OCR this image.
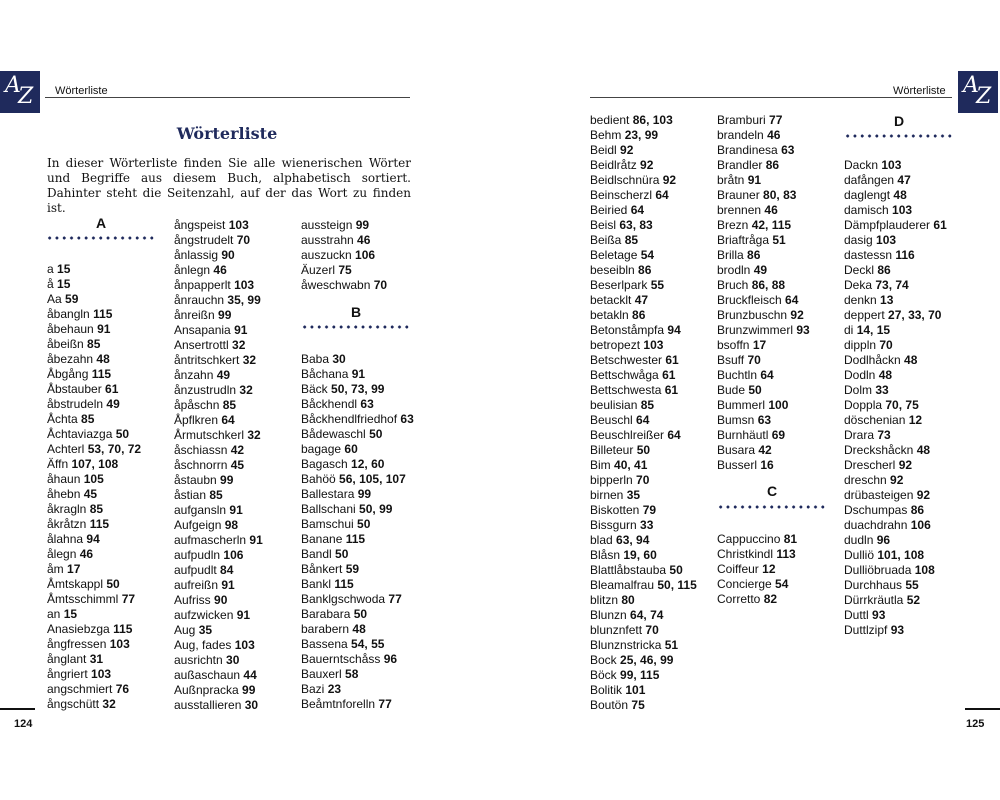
A
Z Wörterliste
Wörterliste
In dieser Wörterliste finden Sie alle wienerischen Wörter und Begriffe aus diesem Buch, alphabetisch sortiert. Dahinter steht die Seitenzahl, auf der das Wort zu finden ist.
A
a 15
å 15
Aa 59
åbangln 115
åbehaun 91
åbeißn 85
åbezahn 48
Åbgång 115
Åbstauber 61
åbstrudeln 49
Åchta 85
Åchtaviazga 50
Achterl 53, 70, 72
Äffn 107, 108
åhaun 105
åhebn 45
åkragln 85
åkråtzn 115
ålahna 94
ålegn 46
åm 17
Åmtskappl 50
Åmtsschimml 77
an 15
Anasiebzga 115
ångfressen 103
ånglant 31
ångriert 103
angschmiert 76
ångschütt 32
ångspeist 103
ångstrudelt 70
ånlassig 90
ånlegn 46
ånpapperlt 103
ånrauchn 35, 99
ånreißn 99
Ansapania 91
Ansertrottl 32
åntritschkert 32
ånzahn 49
ånzustrudln 32
åpåschn 85
Åpflkren 64
Årmutschkerl 32
åschiassn 42
åschnorrn 45
åstaubn 99
åstian 85
aufgansln 91
Aufgeign 98
aufmascherln 91
aufpudln 106
aufpudlt 84
aufreißn 91
Aufriss 90
aufzwicken 91
Aug 35
Aug, fades 103
ausrichtn 30
außaschaun 44
Außnpracka 99
ausstallieren 30
aussteign 99
ausstrahn 46
auszuckn 106
Äuzerl 75
åweschwabn 70
B
Baba 30
Båchana 91
Bäck 50, 73, 99
Båckhendl 63
Båckhendlfriedhof 63
Bådewaschl 50
bagage 60
Bagasch 12, 60
Bahöö 56, 105, 107
Ballestara 99
Ballschani 50, 99
Bamschui 50
Banane 115
Bandl 50
Bånkert 59
Bankl 115
Banklgschwoda 77
Barabara 50
barabern 48
Bassena 54, 55
Bauerntschåss 96
Bauxerl 58
Bazi 23
Beåmtnforelln 77
124
A
Z
Wörterliste
bedient 86, 103
Behm 23, 99
Beidl 92
Beidlråtz 92
Beidlschnüra 92
Beinscherzl 64
Beiried 64
Beisl 63, 83
Beißa 85
Beletage 54
beseibln 86
Beserlpark 55
betacklt 47
betakln 86
Betonståmpfa 94
betropezt 103
Betschwester 61
Bettschwåga 61
Bettschwesta 61
beulisian 85
Beuschl 64
Beuschlreißer 64
Billeteur 50
Bim 40, 41
bipperln 70
birnen 35
Biskotten 79
Bissgurn 33
blad 63, 94
Blåsn 19, 60
Blattlåbstauba 50
Bleamalfrau 50, 115
blitzn 80
Blunzn 64, 74
blunznfett 70
Blunznstricka 51
Bock 25, 46, 99
Böck 99, 115
Bolitik 101
Boutön 75
Bramburi 77
brandeln 46
Brandinesa 63
Brandler 86
bråtn 91
Brauner 80, 83
brennen 46
Brezn 42, 115
Briaftråga 51
Brilla 86
brodln 49
Bruch 86, 88
Bruckfleisch 64
Brunzbuschn 92
Brunzwimmerl 93
bsoffn 17
Bsuff 70
Buchtln 64
Bude 50
Bummerl 100
Bumsn 63
Burnhäutl 69
Busara 42
Busserl 16
C
Cappuccino 81
Christkindl 113
Coiffeur 12
Concierge 54
Corretto 82
D
Dackn 103
dafången 47
daglengt 48
damisch 103
Dämpfplauderer 61
dasig 103
dastessn 116
Deckl 86
Deka 73, 74
denkn 13
deppert 27, 33, 70
di 14, 15
dippln 70
Dodlhåckn 48
Dodln 48
Dolm 33
Doppla 70, 75
döschenian 12
Drara 73
Dreckshåckn 48
Drescherl 92
dreschn 92
drübasteigen 92
Dschumpas 86
duachdrahn 106
dudln 96
Dulliö 101, 108
Dulliöbruada 108
Durchhaus 55
Dürrkräutla 52
Duttl 93
Duttlzipf 93
125
